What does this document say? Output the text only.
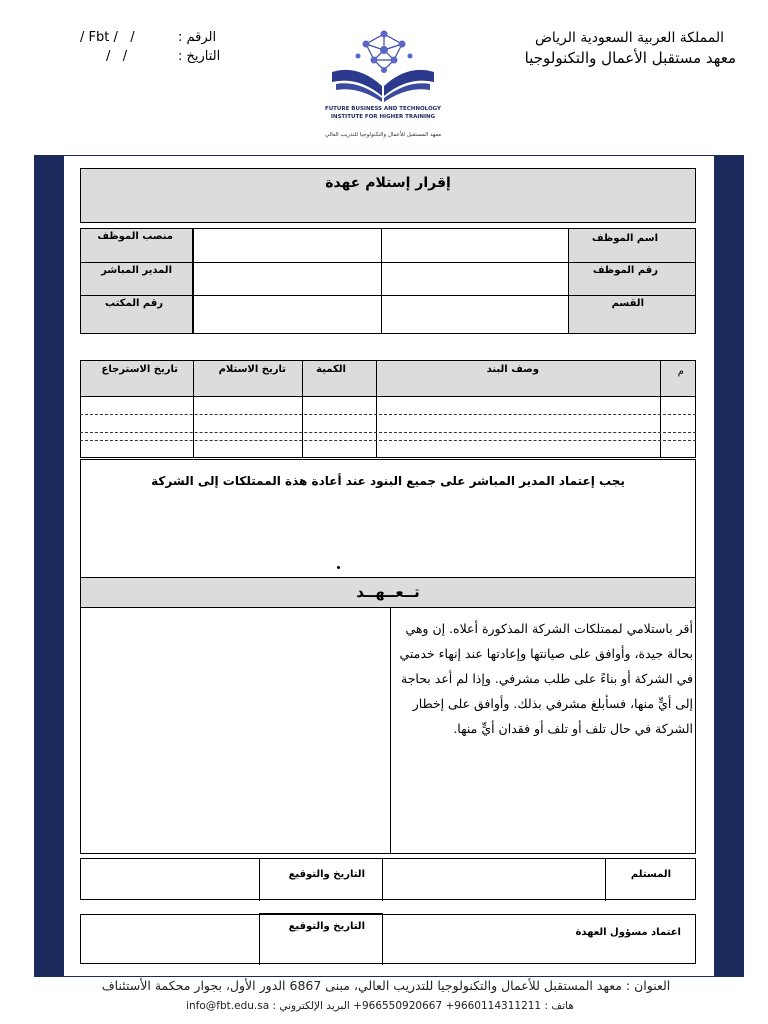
المملكة العربية السعودية الرياض
معهد مستقبل الأعمال والتكنولوجيا
الرقم :
/ Fbt /   /
التاريخ :
/   /
FUTURE BUSINESS AND TECHNOLOGY
INSTITUTE FOR HIGHER TRAINING
معهد المستقبل للأعمال والتكنولوجيا للتدريب العالي
إقرار إستلام عهدة
اسم الموظف
رقم الموظف
القسم
منصب الموظف
المدير المباشر
رقم المكتب
م
وصف البند
الكمية
تاريخ الاستلام
تاريخ الاسترجاع
يجب إعتماد المدير المباشر على جميع البنود عند أعادة هذة الممتلكات إلى الشركة
تــعــهــد
أقر باستلامي لممتلكات الشركة المذكورة أعلاه. إن وهي بحالة جيدة، وأوافق على صيانتها وإعادتها عند إنهاء خدمتي في الشركة أو بناءً على طلب مشرفي. وإذا لم أعد بحاجة إلى أيٍّ منها، فسأبلغ مشرفي بذلك. وأوافق على إخطار الشركة في حال تلف أو تلف أو فقدان أيٍّ منها.
المستلم
التاريخ والتوقيع
اعتماد مسؤول العهدة
التاريخ والتوقيع
العنوان : معهد المستقبل للأعمال والتكنولوجيا للتدريب العالي، مبنى 6867 الدور الأول، بجوار محكمة الأستئناف
هاتف : 9660114311211+ 966550920667+ البريد الإلكتروني : info@fbt.edu.sa
